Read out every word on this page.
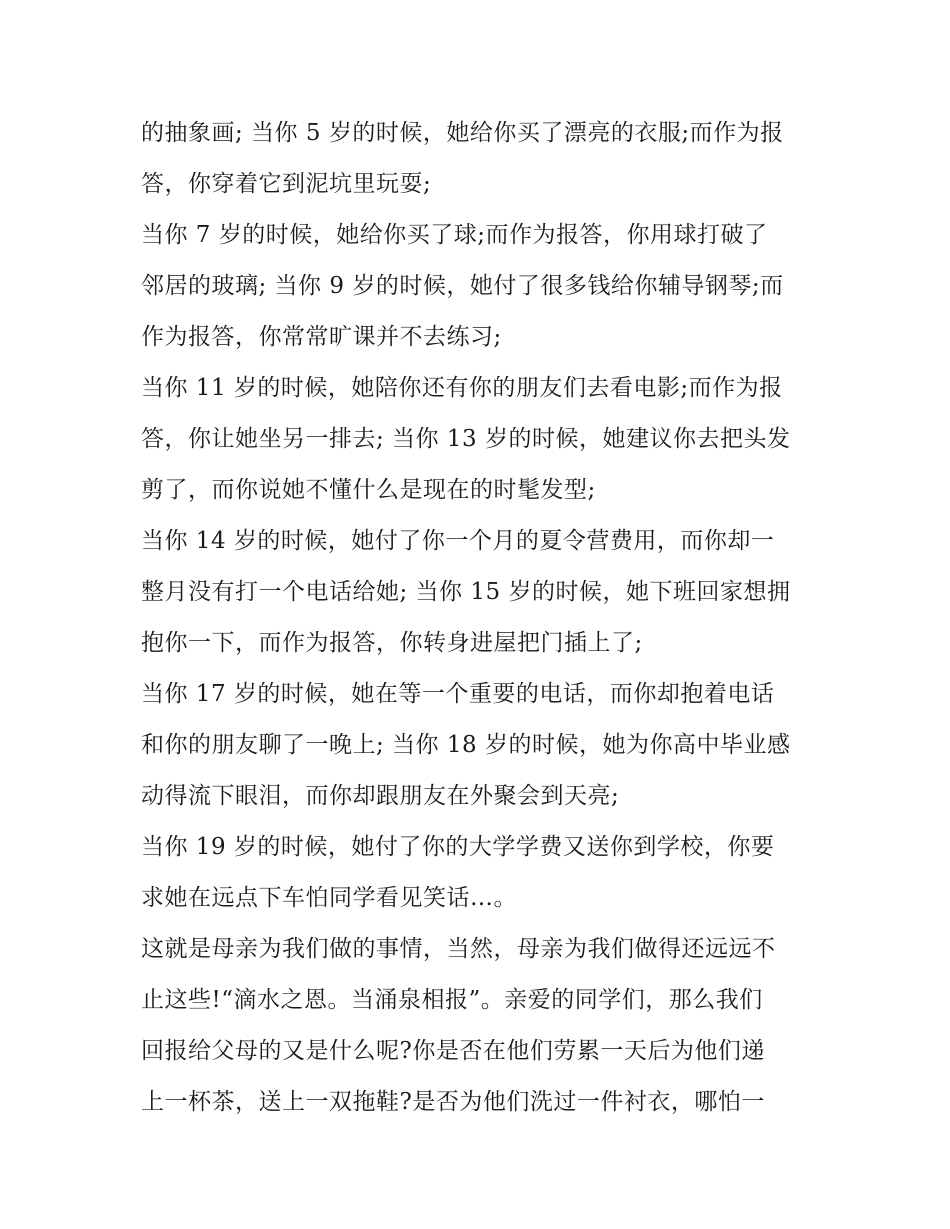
的抽象画; 当你 5 岁的时候，她给你买了漂亮的衣服;而作为报
答，你穿着它到泥坑里玩耍;
当你 7 岁的时候，她给你买了球;而作为报答，你用球打破了
邻居的玻璃; 当你 9 岁的时候，她付了很多钱给你辅导钢琴;而
作为报答，你常常旷课并不去练习;
当你 11 岁的时候，她陪你还有你的朋友们去看电影;而作为报
答，你让她坐另一排去; 当你 13 岁的时候，她建议你去把头发
剪了，而你说她不懂什么是现在的时髦发型;
当你 14 岁的时候，她付了你一个月的夏令营费用，而你却一
整月没有打一个电话给她; 当你 15 岁的时候，她下班回家想拥
抱你一下，而作为报答，你转身进屋把门插上了;
当你 17 岁的时候，她在等一个重要的电话，而你却抱着电话
和你的朋友聊了一晚上; 当你 18 岁的时候，她为你高中毕业感
动得流下眼泪，而你却跟朋友在外聚会到天亮;
当你 19 岁的时候，她付了你的大学学费又送你到学校，你要
求她在远点下车怕同学看见笑话…。
这就是母亲为我们做的事情，当然，母亲为我们做得还远远不
止这些!“滴水之恩。当涌泉相报”。亲爱的同学们，那么我们
回报给父母的又是什么呢?你是否在他们劳累一天后为他们递
上一杯茶，送上一双拖鞋?是否为他们洗过一件衬衣，哪怕一
